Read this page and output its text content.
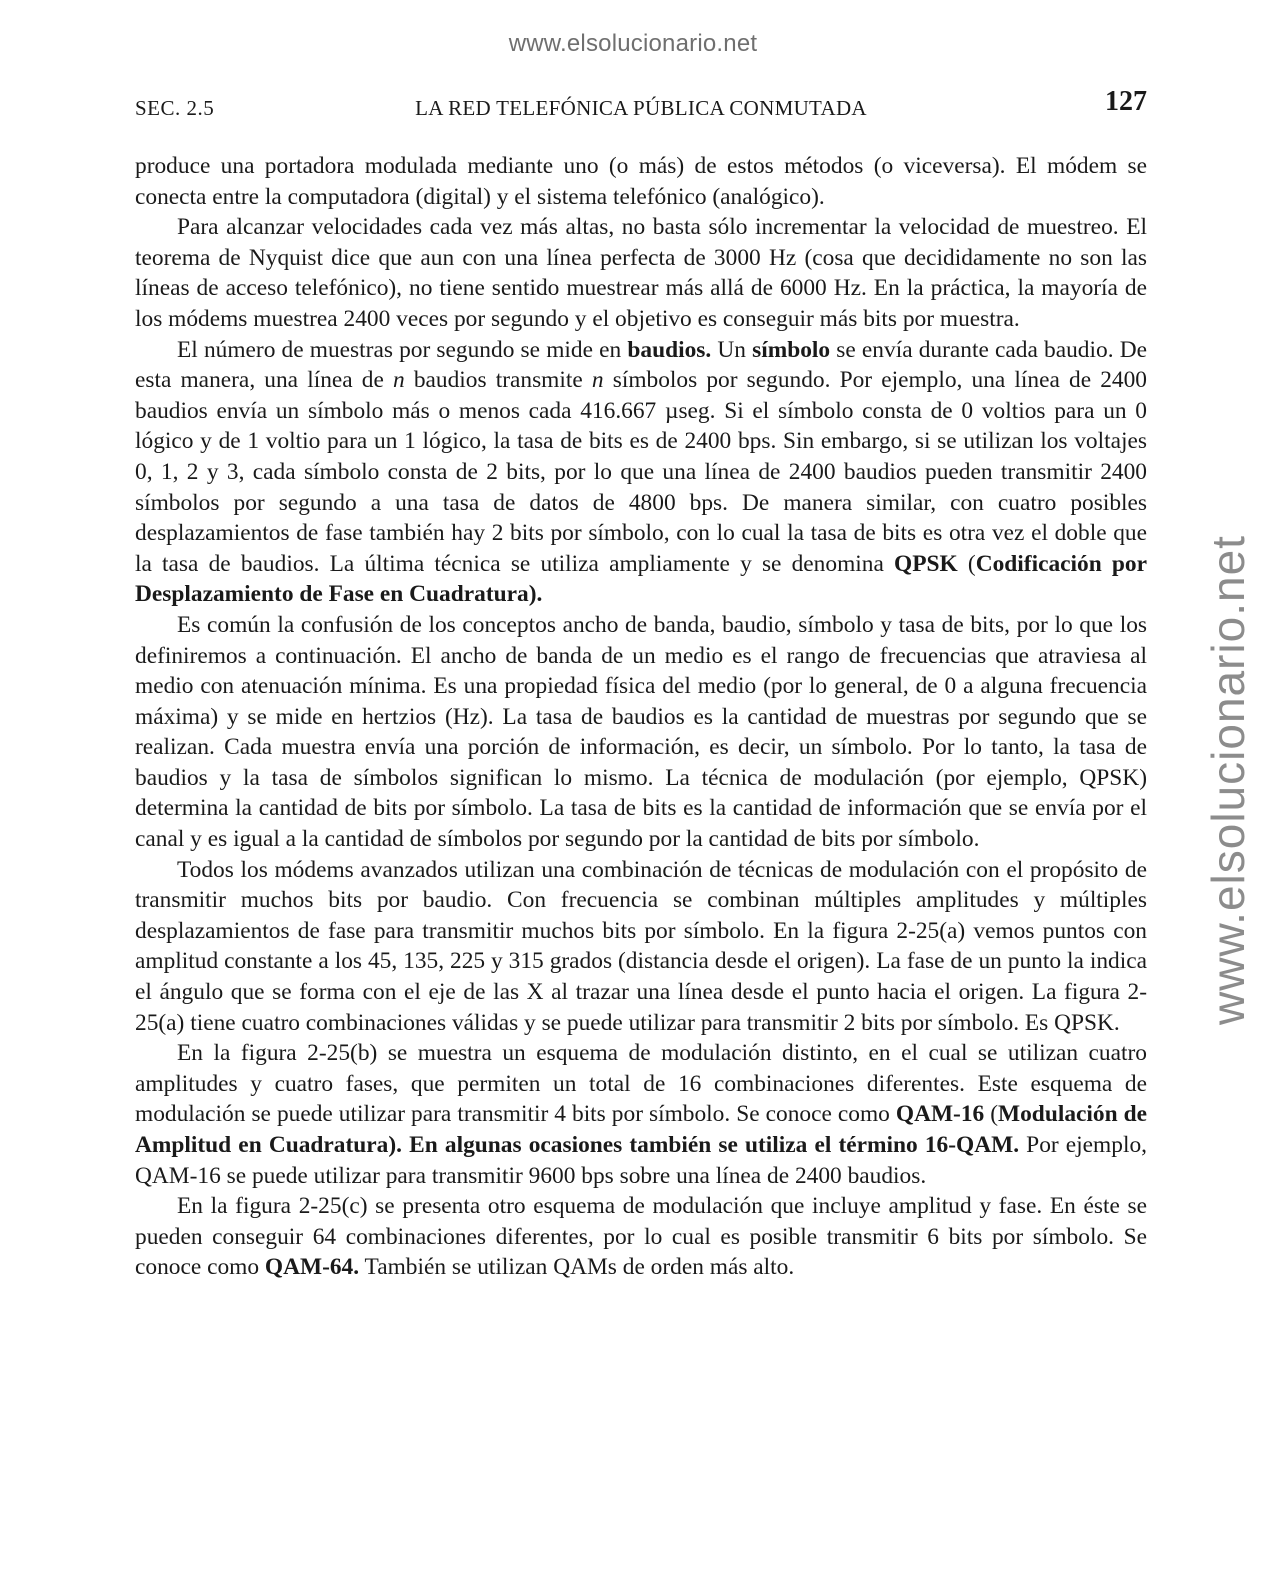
www.elsolucionario.net
www.elsolucionario.net
SEC. 2.5	LA RED TELEFÓNICA PÚBLICA CONMUTADA	127

produce una portadora modulada mediante uno (o más) de estos métodos (o viceversa). El módem se conecta entre la computadora (digital) y el sistema telefónico (analógico).

Para alcanzar velocidades cada vez más altas, no basta sólo incrementar la velocidad de muestreo. El teorema de Nyquist dice que aun con una línea perfecta de 3000 Hz (cosa que decididamente no son las líneas de acceso telefónico), no tiene sentido muestrear más allá de 6000 Hz. En la práctica, la mayoría de los módems muestrea 2400 veces por segundo y el objetivo es conseguir más bits por muestra.

El número de muestras por segundo se mide en baudios. Un símbolo se envía durante cada baudio. De esta manera, una línea de n baudios transmite n símbolos por segundo. Por ejemplo, una línea de 2400 baudios envía un símbolo más o menos cada 416.667 µseg. Si el símbolo consta de 0 voltios para un 0 lógico y de 1 voltio para un 1 lógico, la tasa de bits es de 2400 bps. Sin embargo, si se utilizan los voltajes 0, 1, 2 y 3, cada símbolo consta de 2 bits, por lo que una línea de 2400 baudios pueden transmitir 2400 símbolos por segundo a una tasa de datos de 4800 bps. De manera similar, con cuatro posibles desplazamientos de fase también hay 2 bits por símbolo, con lo cual la tasa de bits es otra vez el doble que la tasa de baudios. La última técnica se utiliza ampliamente y se denomina QPSK (Codificación por Desplazamiento de Fase en Cuadratura).

Es común la confusión de los conceptos ancho de banda, baudio, símbolo y tasa de bits, por lo que los definiremos a continuación. El ancho de banda de un medio es el rango de frecuencias que atraviesa al medio con atenuación mínima. Es una propiedad física del medio (por lo general, de 0 a alguna frecuencia máxima) y se mide en hertzios (Hz). La tasa de baudios es la cantidad de muestras por segundo que se realizan. Cada muestra envía una porción de información, es decir, un símbolo. Por lo tanto, la tasa de baudios y la tasa de símbolos significan lo mismo. La técnica de modulación (por ejemplo, QPSK) determina la cantidad de bits por símbolo. La tasa de bits es la cantidad de información que se envía por el canal y es igual a la cantidad de símbolos por segundo por la cantidad de bits por símbolo.

Todos los módems avanzados utilizan una combinación de técnicas de modulación con el propósito de transmitir muchos bits por baudio. Con frecuencia se combinan múltiples amplitudes y múltiples desplazamientos de fase para transmitir muchos bits por símbolo. En la figura 2-25(a) vemos puntos con amplitud constante a los 45, 135, 225 y 315 grados (distancia desde el origen). La fase de un punto la indica el ángulo que se forma con el eje de las X al trazar una línea desde el punto hacia el origen. La figura 2-25(a) tiene cuatro combinaciones válidas y se puede utilizar para transmitir 2 bits por símbolo. Es QPSK.

En la figura 2-25(b) se muestra un esquema de modulación distinto, en el cual se utilizan cuatro amplitudes y cuatro fases, que permiten un total de 16 combinaciones diferentes. Este esquema de modulación se puede utilizar para transmitir 4 bits por símbolo. Se conoce como QAM-16 (Modulación de Amplitud en Cuadratura). En algunas ocasiones también se utiliza el término 16-QAM. Por ejemplo, QAM-16 se puede utilizar para transmitir 9600 bps sobre una línea de 2400 baudios.

En la figura 2-25(c) se presenta otro esquema de modulación que incluye amplitud y fase. En éste se pueden conseguir 64 combinaciones diferentes, por lo cual es posible transmitir 6 bits por símbolo. Se conoce como QAM-64. También se utilizan QAMs de orden más alto.
